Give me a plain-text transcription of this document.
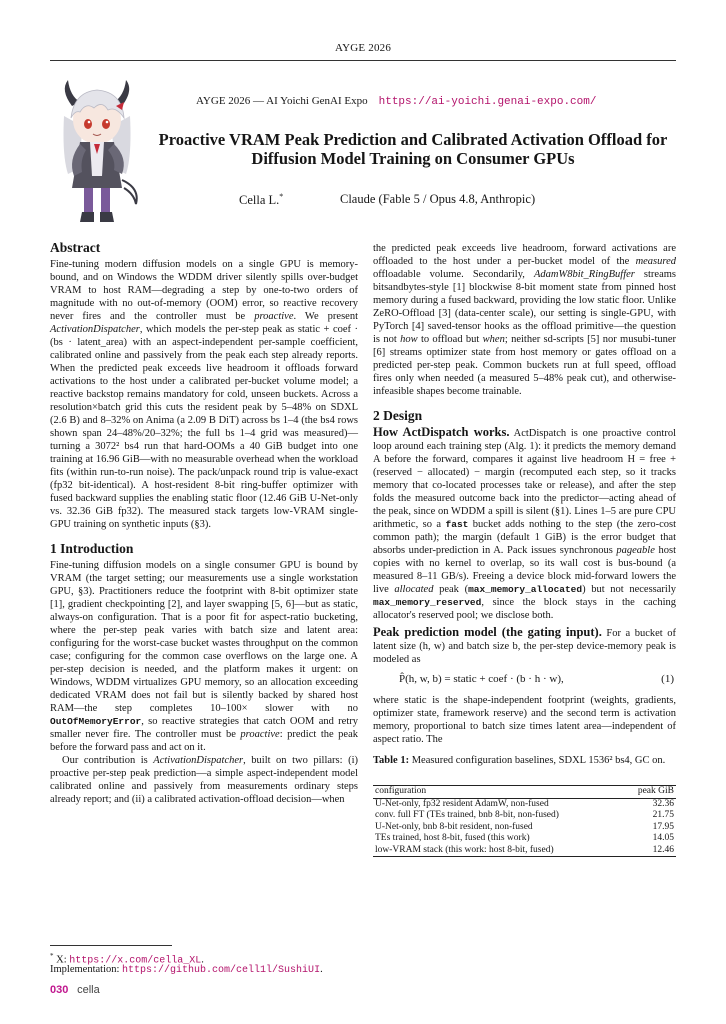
AYGE 2026
AYGE 2026 — AI Yoichi GenAI Expo https://ai-yoichi.genai-expo.com/
Proactive VRAM Peak Prediction and Calibrated Activation Offload for Diffusion Model Training on Consumer GPUs
Cella L.*	Claude (Fable 5 / Opus 4.8, Anthropic)
Abstract

Fine-tuning modern diffusion models on a single GPU is memory-bound, and on Windows the WDDM driver silently spills over-budget VRAM to host RAM—degrading a step by one-to-two orders of magnitude with no out-of-memory (OOM) error, so reactive recovery never fires and the controller must be proactive. We present ActivationDispatcher, which models the per-step peak as static + coef · (bs · latent_area) with an aspect-independent per-sample coefficient, calibrated online and passively from the peak each step already reports. When the predicted peak exceeds live headroom it offloads forward activations to the host under a calibrated per-bucket volume model; a reactive backstop remains mandatory for cold, unseen buckets. Across a resolution×batch grid this cuts the resident peak by 5–48% on SDXL (2.6 B) and 8–32% on Anima (a 2.09 B DiT) across bs 1–4 (the bs4 rows shown span 24–48%/20–32%; the full bs 1–4 grid was measured)—turning a 3072² bs4 run that hard-OOMs a 40 GiB budget into one training at 16.96 GiB—with no measurable overhead when the workload fits (within run-to-run noise). The pack/unpack round trip is value-exact (fp32 bit-identical). A host-resident 8-bit ring-buffer optimizer with fused backward supplies the enabling static floor (12.46 GiB U-Net-only vs. 32.36 GiB fp32). The measured stack targets low-VRAM single-GPU training on synthetic inputs (§3).

1 Introduction

Fine-tuning diffusion models on a single consumer GPU is bound by VRAM (the target setting; our measurements use a single workstation GPU, §3). Practitioners reduce the footprint with 8-bit optimizer state [1], gradient checkpointing [2], and layer swapping [5, 6]—but as static, always-on configuration. That is a poor fit for aspect-ratio bucketing, where the per-step peak varies with batch size and latent area: configuring for the worst-case bucket wastes throughput on the common case; configuring for the common case overflows on the large one. A per-step decision is needed, and the platform makes it urgent: on Windows, WDDM virtualizes GPU memory, so an allocation exceeding dedicated VRAM does not fail but is silently backed by shared host RAM—the step completes 10–100× slower with no OutOfMemoryError, so reactive strategies that catch OOM and retry smaller never fire. The controller must be proactive: predict the peak before the forward pass and act on it.

Our contribution is ActivationDispatcher, built on two pillars: (i) proactive per-step peak prediction—a simple aspect-independent model calibrated online and passively from measurements ordinary steps already report; and (ii) a calibrated activation-offload decision—when

the predicted peak exceeds live headroom, forward activations are offloaded to the host under a per-bucket model of the measured offloadable volume. Secondarily, AdamW8bit_RingBuffer streams bitsandbytes-style [1] blockwise 8-bit moment state from pinned host memory during a fused backward, providing the low static floor. Unlike ZeRO-Offload [3] (data-center scale), our setting is single-GPU, with PyTorch [4] saved-tensor hooks as the offload primitive—the question is not how to offload but when; neither sd-scripts [5] nor musubi-tuner [6] streams optimizer state from host memory or gates offload on a predicted per-step peak. Common buckets run at full speed, offload fires only when needed (a measured 5–48% peak cut), and otherwise-infeasible shapes become trainable.

2 Design

How ActDispatch works. ActDispatch is one proactive control loop around each training step (Alg. 1): it predicts the memory demand A before the forward, compares it against live headroom H = free + (reserved − allocated) − margin (recomputed each step, so it tracks memory that co-located processes take or release), and after the step folds the measured outcome back into the predictor—acting ahead of the peak, since on WDDM a spill is silent (§1). Lines 1–5 are pure CPU arithmetic, so a fast bucket adds nothing to the step (the zero-cost common path); the margin (default 1 GiB) is the error budget that absorbs under-prediction in A. Pack issues synchronous pageable host copies with no kernel to overlap, so its wall cost is bus-bound (a measured 8–11 GB/s). Freeing a device block mid-forward lowers the live allocated peak (max_memory_allocated) but not necessarily max_memory_reserved, since the block stays in the caching allocator's reserved pool; we disclose both.

Peak prediction model (the gating input). For a bucket of latent size (h, w) and batch size b, the per-step device-memory peak is modeled as

P̂(h, w, b) = static + coef · (b · h · w),	(1)

where static is the shape-independent footprint (weights, gradients, optimizer state, framework reserve) and the second term is activation memory, proportional to batch size times latent area—independent of aspect ratio. The

Table 1: Measured configuration baselines, SDXL 1536² bs4, GC on.

configuration	peak GiB
U-Net-only, fp32 resident AdamW, non-fused	32.36
conv. full FT (TEs trained, bnb 8-bit, non-fused)	21.75
U-Net-only, bnb 8-bit resident, non-fused	17.95
TEs trained, host 8-bit, fused (this work)	14.05
low-VRAM stack (this work: host 8-bit, fused)	12.46
* X: https://x.com/cella_XL.
Implementation: https://github.com/cell1l/SushiUI.
030 cella
